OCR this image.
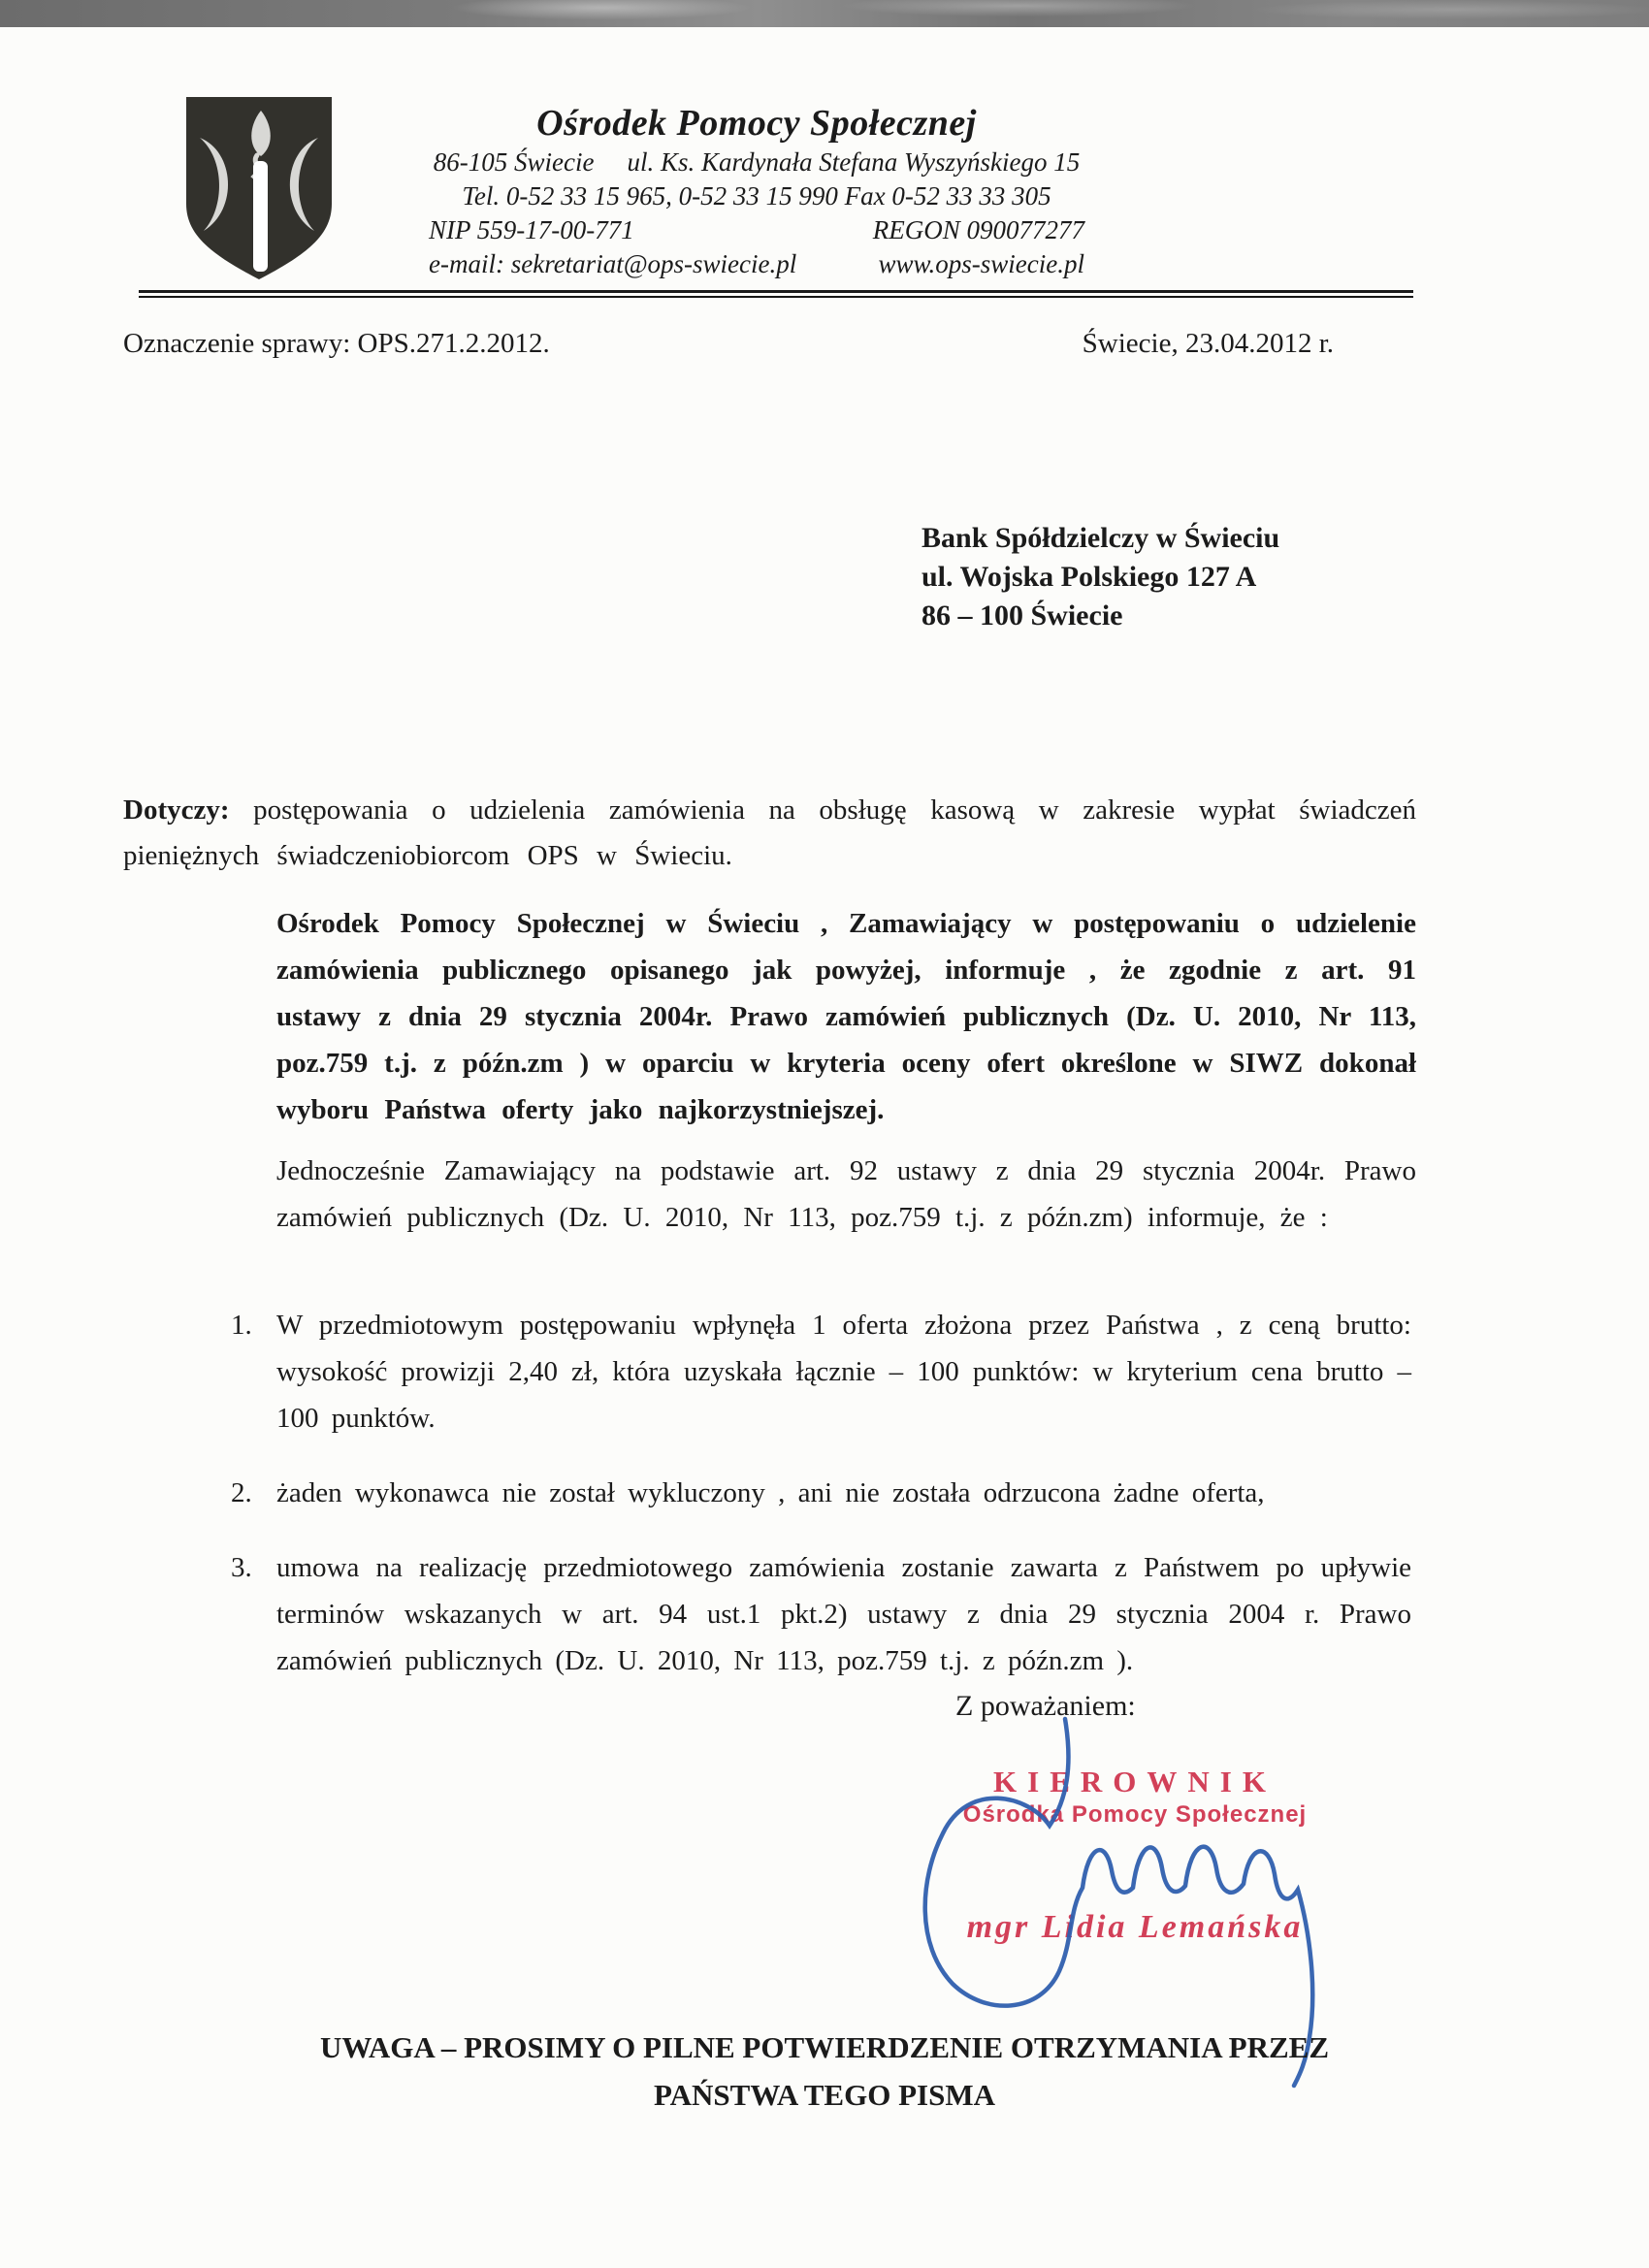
Ośrodek Pomocy Społecznej
86-105 Świecie ul. Ks. Kardynała Stefana Wyszyńskiego 15
Tel. 0-52 33 15 965, 0-52 33 15 990 Fax 0-52 33 33 305
NIP 559-17-00-771	REGON 090077277
e-mail: sekretariat@ops-swiecie.pl	www.ops-swiecie.pl
Oznaczenie sprawy: OPS.271.2.2012.	Świecie, 23.04.2012 r.
Bank Spółdzielczy w Świeciu
ul. Wojska Polskiego 127 A
86 – 100 Świecie
Dotyczy: postępowania o udzielenia zamówienia na obsługę kasową w zakresie wypłat świadczeń pieniężnych świadczeniobiorcom OPS w Świeciu.
Ośrodek Pomocy Społecznej w Świeciu , Zamawiający w postępowaniu o udzielenie zamówienia publicznego opisanego jak powyżej, informuje , że zgodnie z art. 91 ustawy z dnia 29 stycznia 2004r. Prawo zamówień publicznych (Dz. U. 2010, Nr 113, poz.759 t.j. z późn.zm ) w oparciu w kryteria oceny ofert określone w SIWZ dokonał wyboru Państwa oferty jako najkorzystniejszej.
Jednocześnie Zamawiający na podstawie art. 92 ustawy z dnia 29 stycznia 2004r. Prawo zamówień publicznych (Dz. U. 2010, Nr 113, poz.759 t.j. z późn.zm) informuje, że :
1. W przedmiotowym postępowaniu wpłynęła 1 oferta złożona przez Państwa , z ceną brutto: wysokość prowizji 2,40 zł, która uzyskała łącznie – 100 punktów: w kryterium cena brutto – 100 punktów.
2. żaden wykonawca nie został wykluczony , ani nie została odrzucona żadne oferta,
3. umowa na realizację przedmiotowego zamówienia zostanie zawarta z Państwem po upływie terminów wskazanych w art. 94 ust.1 pkt.2) ustawy z dnia 29 stycznia 2004 r. Prawo zamówień publicznych (Dz. U. 2010, Nr 113, poz.759 t.j. z późn.zm ).
Z poważaniem:
KIEROWNIK
Ośrodka Pomocy Społecznej
mgr Lidia Lemańska
UWAGA – PROSIMY O PILNE POTWIERDZENIE OTRZYMANIA PRZEZ
PAŃSTWA TEGO PISMA
